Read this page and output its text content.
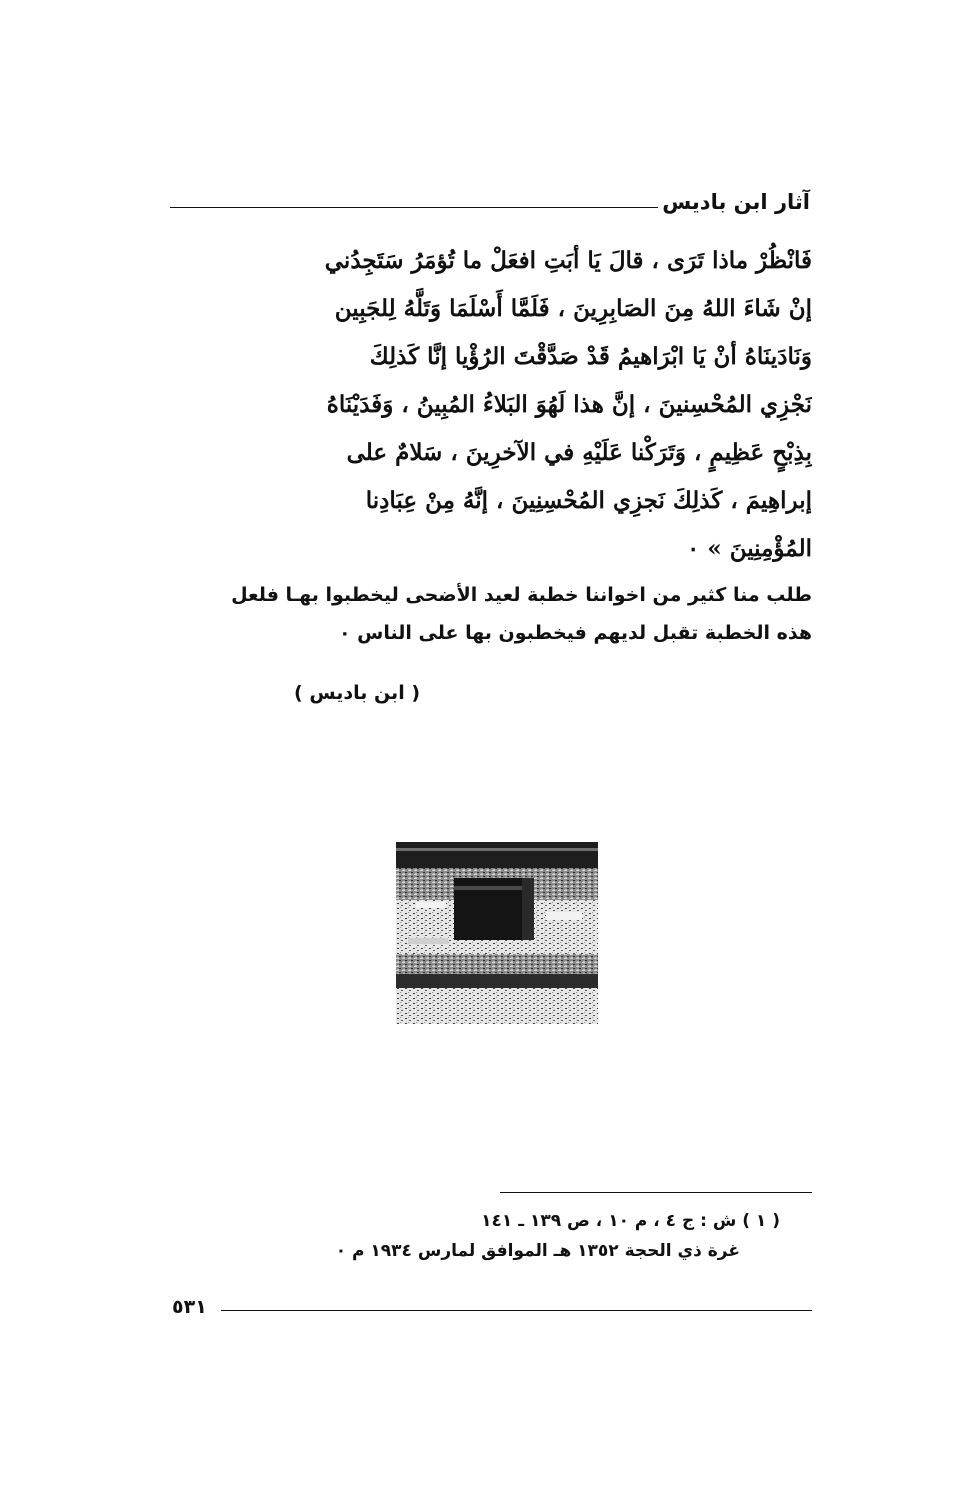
آثار ابن باديس
فَانْظُرْ ماذا تَرَى ، قالَ يَا أبَتِ افعَلْ ما تُؤمَرُ سَتَجِدُني
إنْ شَاءَ اللهُ مِنَ الصَابِرِينَ ، فَلَمَّا أَسْلَمَا وَتَلَّهُ لِلجَبِين
وَنَادَينَاهُ أنْ يَا ابْرَاهيمُ قَدْ صَدَّقْتَ الرُؤْيا إنَّا كَذلِكَ
نَجْزِي المُحْسِنينَ ، إنَّ هذا لَهُوَ البَلاءُ المُبِينُ ، وَفَدَيْنَاهُ
بِذِبْحٍ عَظِيمٍ ، وَتَرَكْنا عَلَيْهِ في الآخرِينَ ، سَلامٌ على
إبراهِيمَ ، كَذلِكَ نَجزِي المُحْسِنِينَ ، إنَّهُ مِنْ عِبَادِنا
المُؤْمِنِينَ » ٠
طلب منا كثير من اخواننا خطبة لعيد الأضحى ليخطبوا بهـا فلعل
هذه الخطبة تقبل لديهم فيخطبون بها على الناس ٠
( ابن باديس )
( ١ ) ش : ج ٤ ، م ١٠ ، ص ١٣٩ ـ ١٤١
غرة ذي الحجة ١٣٥٢ هـ الموافق لمارس ١٩٣٤ م ٠
٥٣١
